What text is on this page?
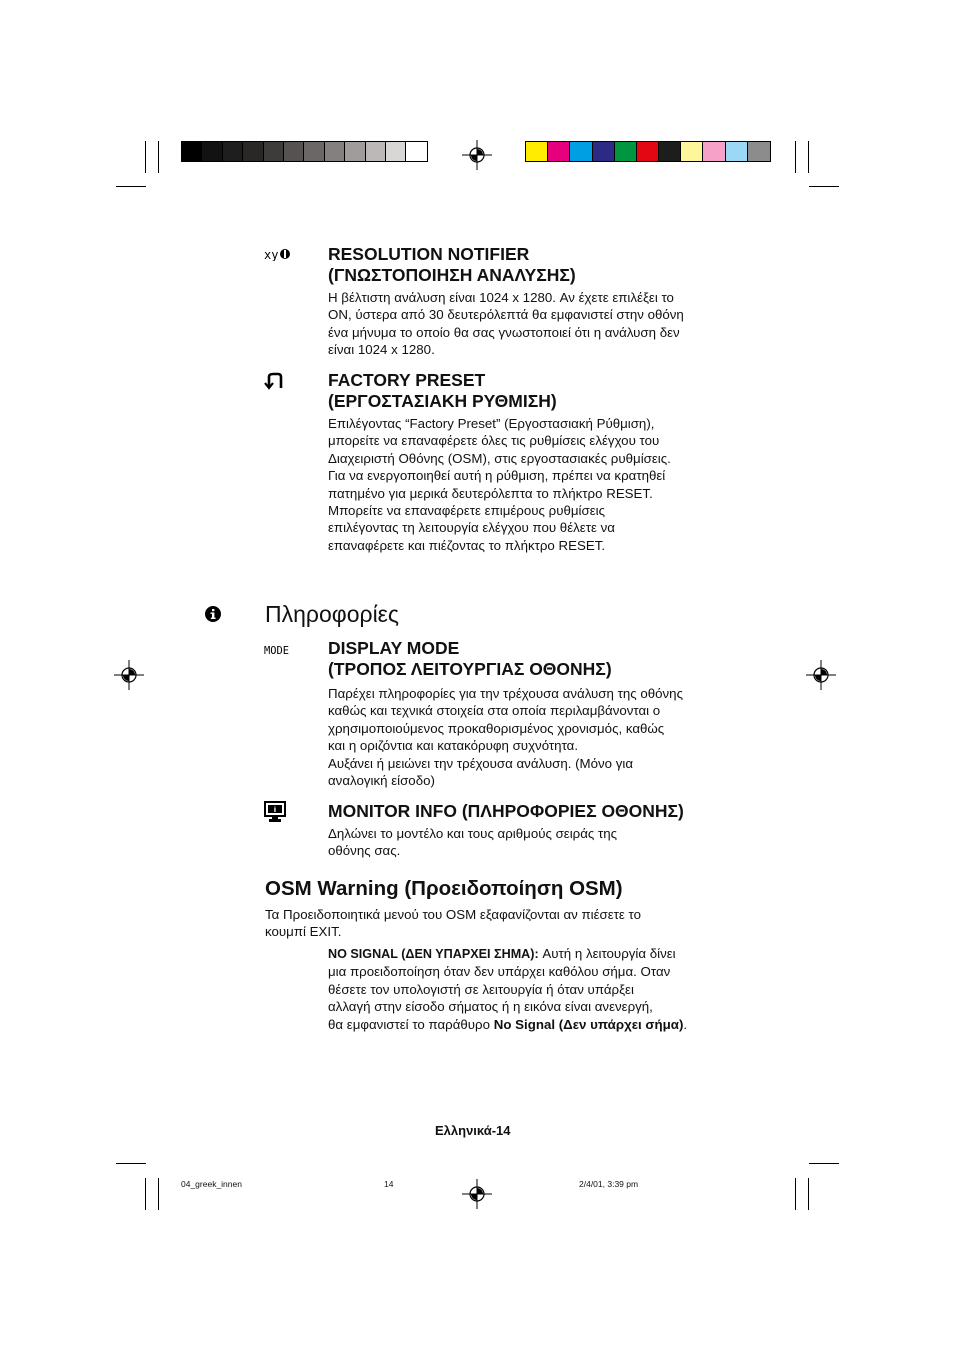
xy	RESOLUTION NOTIFIER
(ΓΝΩΣΤΟΠΟΙΗΣΗ ΑΝΑΛΥΣΗΣ)
Η βέλτιστη ανάλυση είναι 1024 x 1280. Αν έχετε επιλέξει το
ON, ύστερα από 30 δευτερόλεπτά θα εμφανιστεί στην οθόνη
ένα μήνυμα το οποίο θα σας γνωστοποιεί ότι η ανάλυση δεν
είναι 1024 x 1280.
FACTORY PRESET
(ΕΡΓΟΣΤΑΣΙΑΚΗ ΡΥΘΜΙΣΗ)
Επιλέγοντας “Factory Preset” (Εργοστασιακή Ρύθμιση),
μπορείτε να επαναφέρετε όλες τις ρυθμίσεις ελέγχου του
Διαχειριστή Οθόνης (OSM), στις εργοστασιακές ρυθμίσεις.
Για να ενεργοποιηθεί αυτή η ρύθμιση, πρέπει να κρατηθεί
πατημένο για μερικά δευτερόλεπτα το πλήκτρο RESET.
Μπορείτε να επαναφέρετε επιμέρους ρυθμίσεις
επιλέγοντας τη λειτουργία ελέγχου που θέλετε να
επαναφέρετε και πιέζοντας το πλήκτρο RESET.
Πληροφορίες
MODE DISPLAY MODE
(ΤΡΟΠΟΣ ΛΕΙΤΟΥΡΓΙΑΣ ΟΘΟΝΗΣ)
Παρέχει πληροφορίες για την τρέχουσα ανάλυση της οθόνης
καθώς και τεχνικά στοιχεία στα οποία περιλαμβάνονται ο
χρησιμοποιούμενος προκαθορισμένος χρονισμός, καθώς
και η οριζόντια και κατακόρυφη συχνότητα.
Αυξάνει ή μειώνει την τρέχουσα ανάλυση. (Μόνο για
αναλογική είσοδο)
i	MONITOR INFO (ΠΛΗΡΟΦΟΡΙΕΣ ΟΘΟΝΗΣ)
Δηλώνει το μοντέλο και τους αριθμούς σειράς της
οθόνης σας.
OSM Warning (Προειδοποίηση OSM)
Τα Προειδοποιητικά μενού του OSM εξαφανίζονται αν πιέσετε το
κουμπί EXIT.
NO SIGNAL (ΔΕΝ ΥΠΑΡΧΕΙ ΣΗΜΑ): Αυτή η λειτουργία δίνει
μια προειδοποίηση όταν δεν υπάρχει καθόλου σήμα. Οταν
θέσετε τον υπολογιστή σε λειτουργία ή όταν υπάρξει
αλλαγή στην είσοδο σήματος ή η εικόνα είναι ανενεργή,
θα εμφανιστεί το παράθυρο No Signal (Δεν υπάρχει σήμα).
Ελληνικά-14
04_greek_innen	14	2/4/01, 3:39 pm
